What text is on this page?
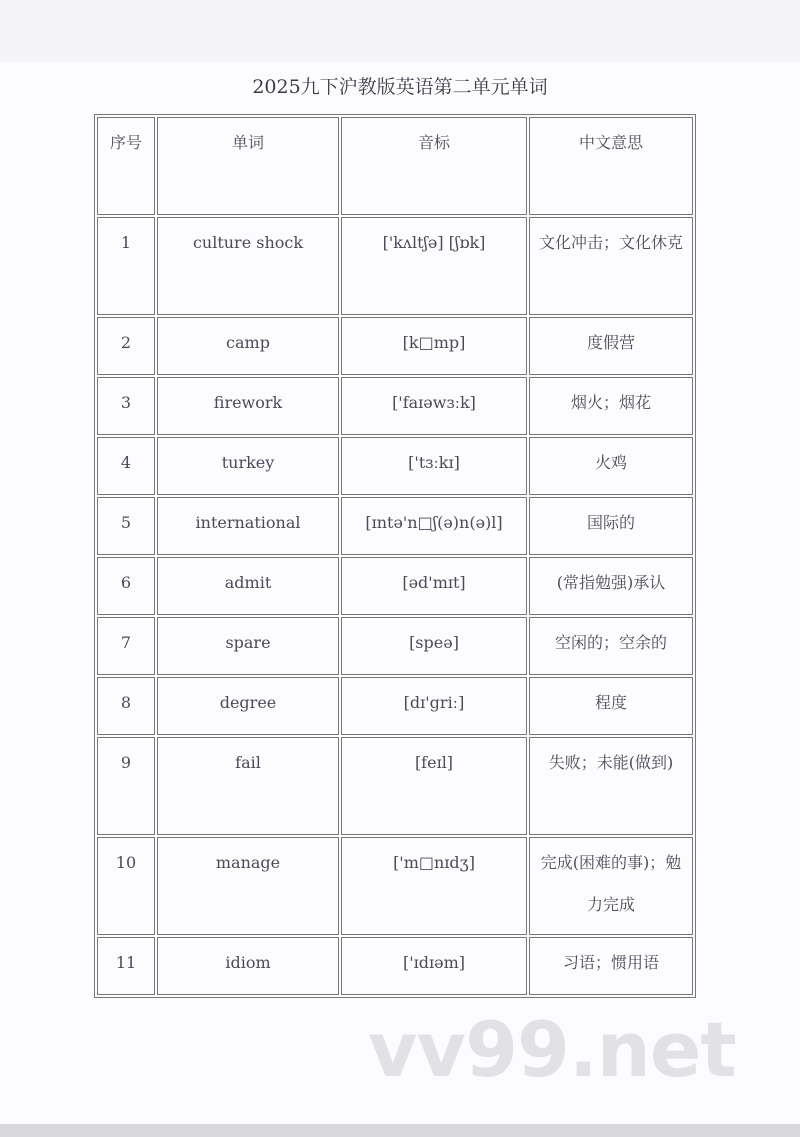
2025九下沪教版英语第二单元单词
序号	单词	音标	中文意思
1	culture shock	['kʌltʃə] [ʃɒk]	文化冲击；文化休克
2	camp	[k□mp]	度假营
3	firework	['faɪəwɜːk]	烟火；烟花
4	turkey	['tɜːkɪ]	火鸡
5	international	[ɪntə'n□ʃ(ə)n(ə)l]	国际的
6	admit	[əd'mɪt]	(常指勉强)承认
7	spare	[speə]	空闲的；空余的
8	degree	[dɪ'griː]	程度
9	fail	[feɪl]	失败；未能(做到)
10	manage	['m□nɪdʒ]	完成(困难的事)；勉力完成
11	idiom	['ɪdɪəm]	习语；惯用语
vv99.net
